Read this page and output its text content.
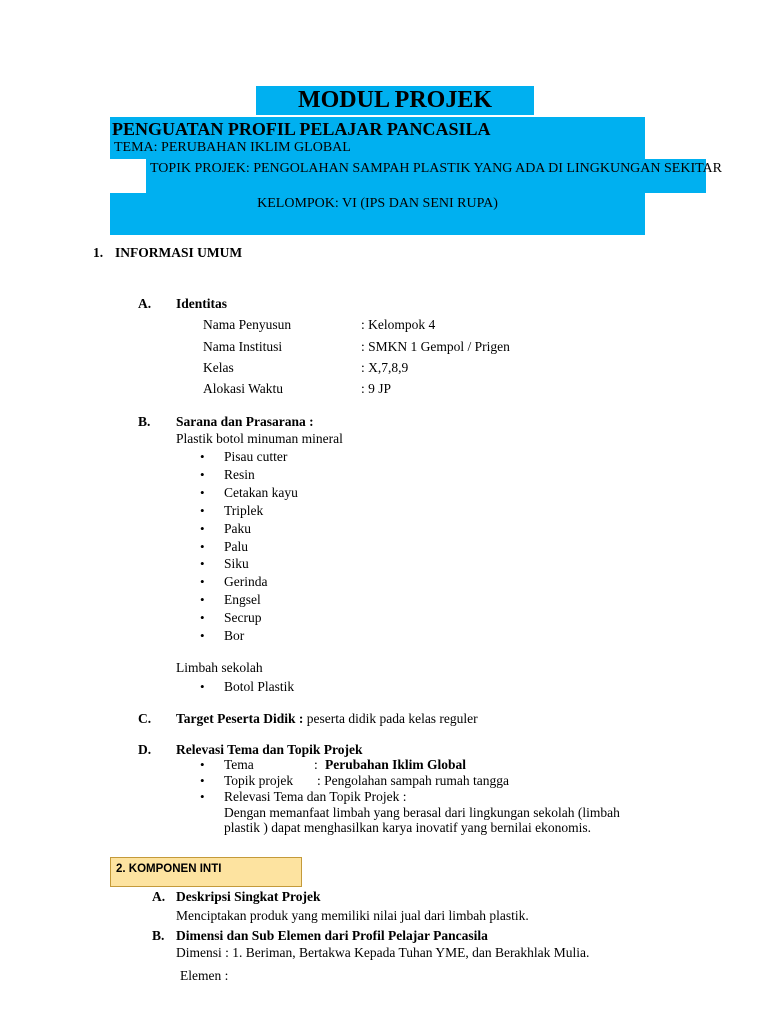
MODUL PROJEK
PENGUATAN PROFIL PELAJAR PANCASILA
TEMA: PERUBAHAN IKLIM GLOBAL
TOPIK PROJEK: PENGOLAHAN SAMPAH PLASTIK YANG ADA DI LINGKUNGAN SEKITAR
KELOMPOK: VI (IPS DAN SENI RUPA)
1. INFORMASI UMUM
A. Identitas
Nama Penyusun	: Kelompok 4
Nama Institusi	: SMKN 1 Gempol / Prigen
Kelas	: X,7,8,9
Alokasi Waktu	: 9 JP
B. Sarana dan Prasarana :
Plastik botol minuman mineral
• Pisau cutter
• Resin
• Cetakan kayu
• Triplek
• Paku
• Palu
• Siku
• Gerinda
• Engsel
• Secrup
• Bor
Limbah sekolah
• Botol Plastik
C. Target Peserta Didik : peserta didik pada kelas reguler
D. Relevasi Tema dan Topik Projek
• Tema	: Perubahan Iklim Global
• Topik projek : Pengolahan sampah rumah tangga
• Relevasi Tema dan Topik Projek :
Dengan memanfaat limbah yang berasal dari lingkungan sekolah (limbah
plastik ) dapat menghasilkan karya inovatif yang bernilai ekonomis.
2. KOMPONEN INTI
A. Deskripsi Singkat Projek
Menciptakan produk yang memiliki nilai jual dari limbah plastik.
B. Dimensi dan Sub Elemen dari Profil Pelajar Pancasila
Dimensi : 1. Beriman, Bertakwa Kepada Tuhan YME, dan Berakhlak Mulia.
Elemen :
